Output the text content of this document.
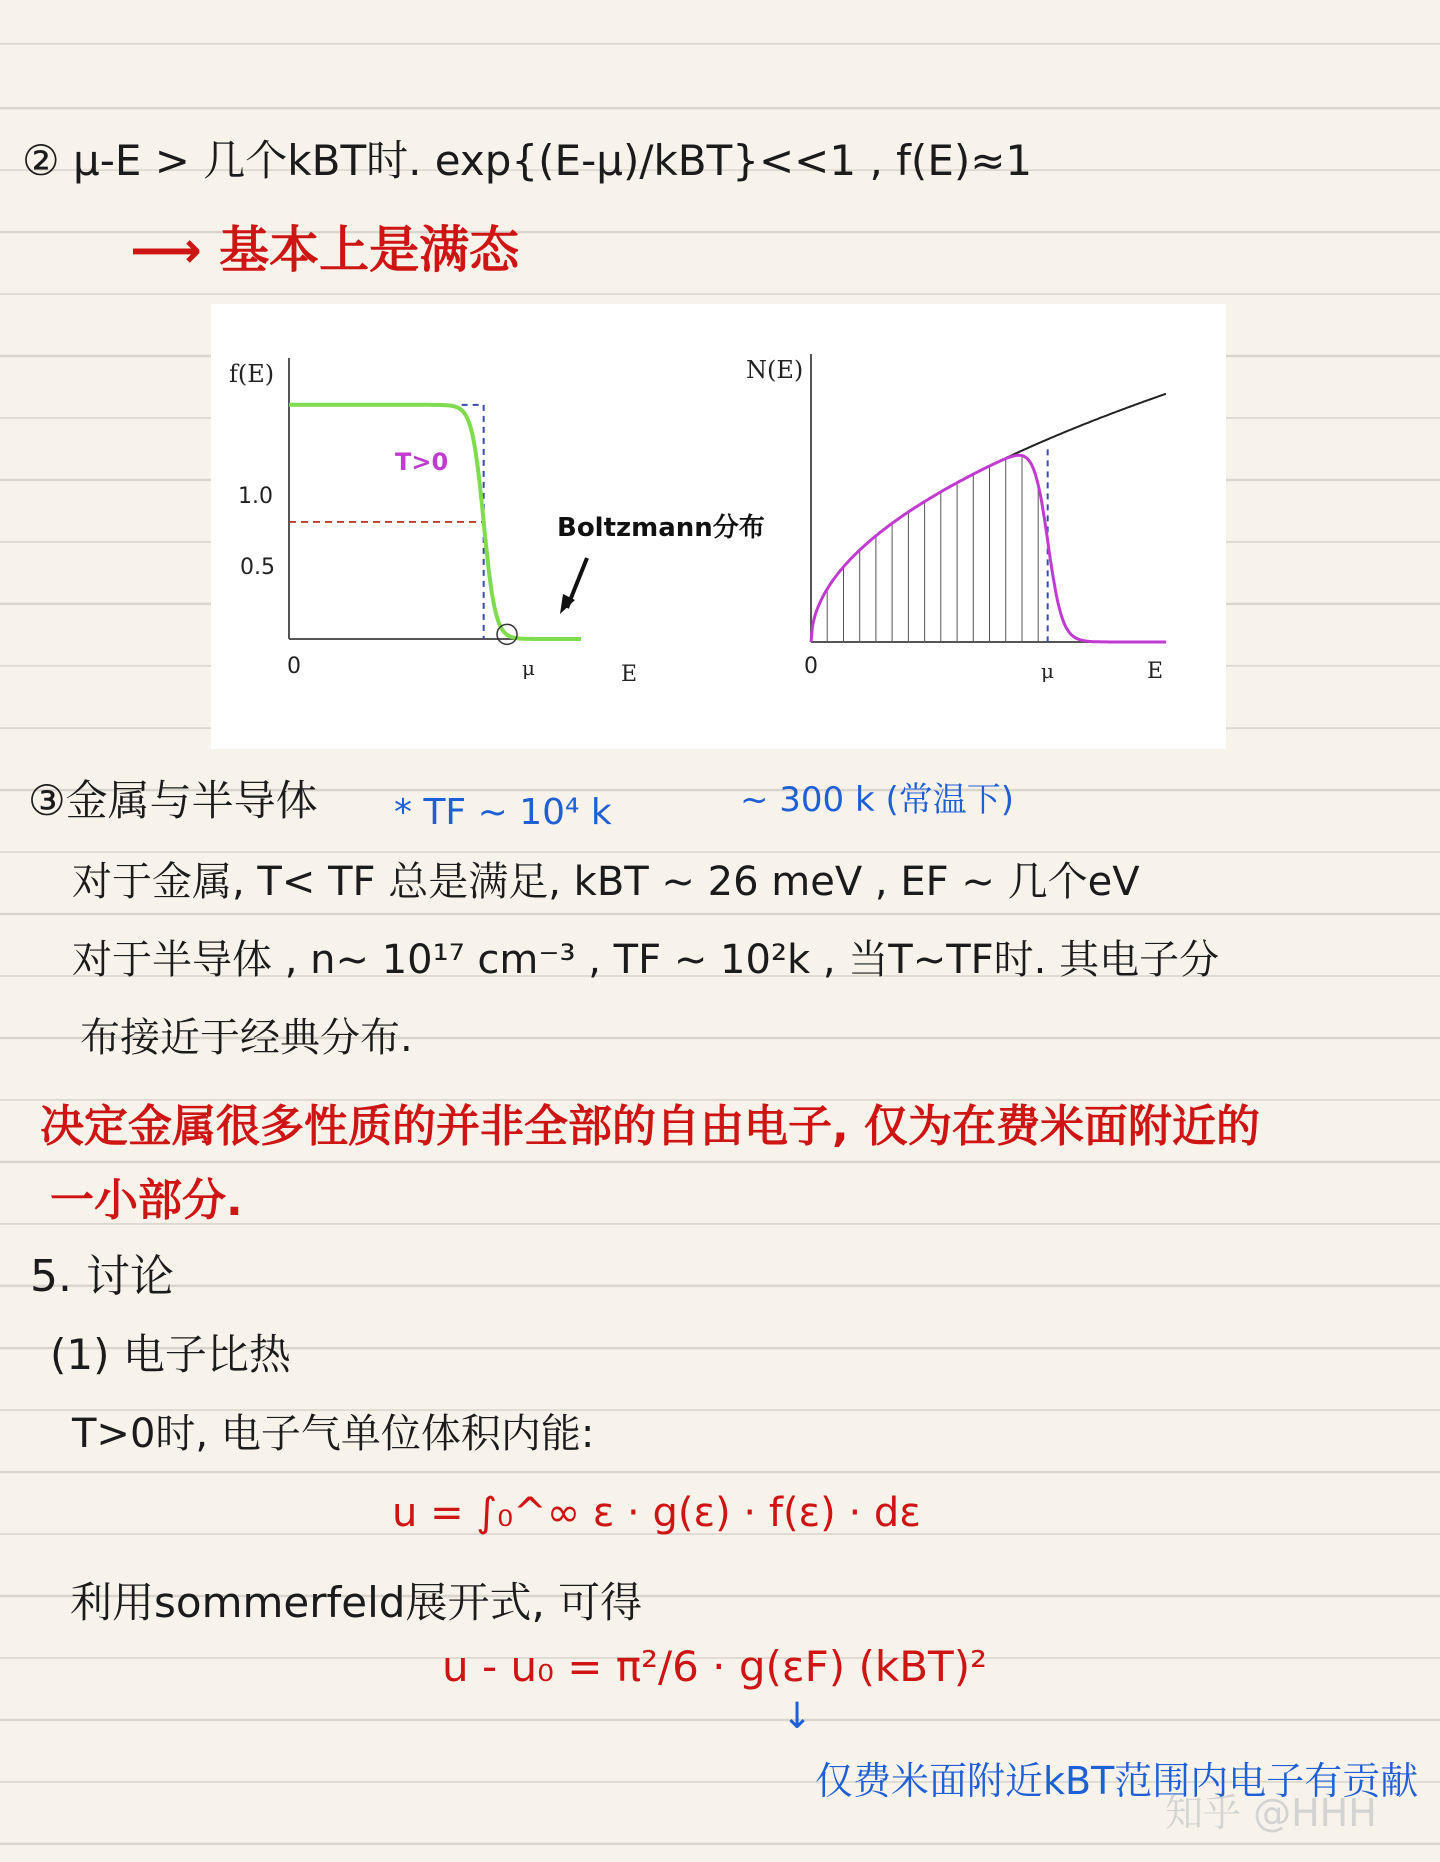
② μ-E > 几个kBT时. exp{(E-μ)/kBT}<<1 , f(E)≈1
⟶ 基本上是满态
f(E)
E
0	μ
1.0
0.5
T>0
Boltzmann分布
N(E)
E
0	μ
③金属与半导体 * TF ~ 10⁴ k	~ 300 k (常温下)
对于金属, T< TF 总是满足, kBT ~ 26 meV , EF ~ 几个eV
对于半导体 , n~ 10¹⁷ cm⁻³ , TF ~ 10²k , 当T~TF时. 其电子分
布接近于经典分布.
决定金属很多性质的并非全部的自由电子, 仅为在费米面附近的
一小部分.
5. 讨论
(1) 电子比热
T>0时, 电子气单位体积内能:
u = ∫₀^∞ ε · g(ε) · f(ε) · dε
利用sommerfeld展开式, 可得
u - u₀ = π²/6 · g(εF) (kBT)²
↓
仅费米面附近kBT范围内电子有贡献
知乎 @HHH
